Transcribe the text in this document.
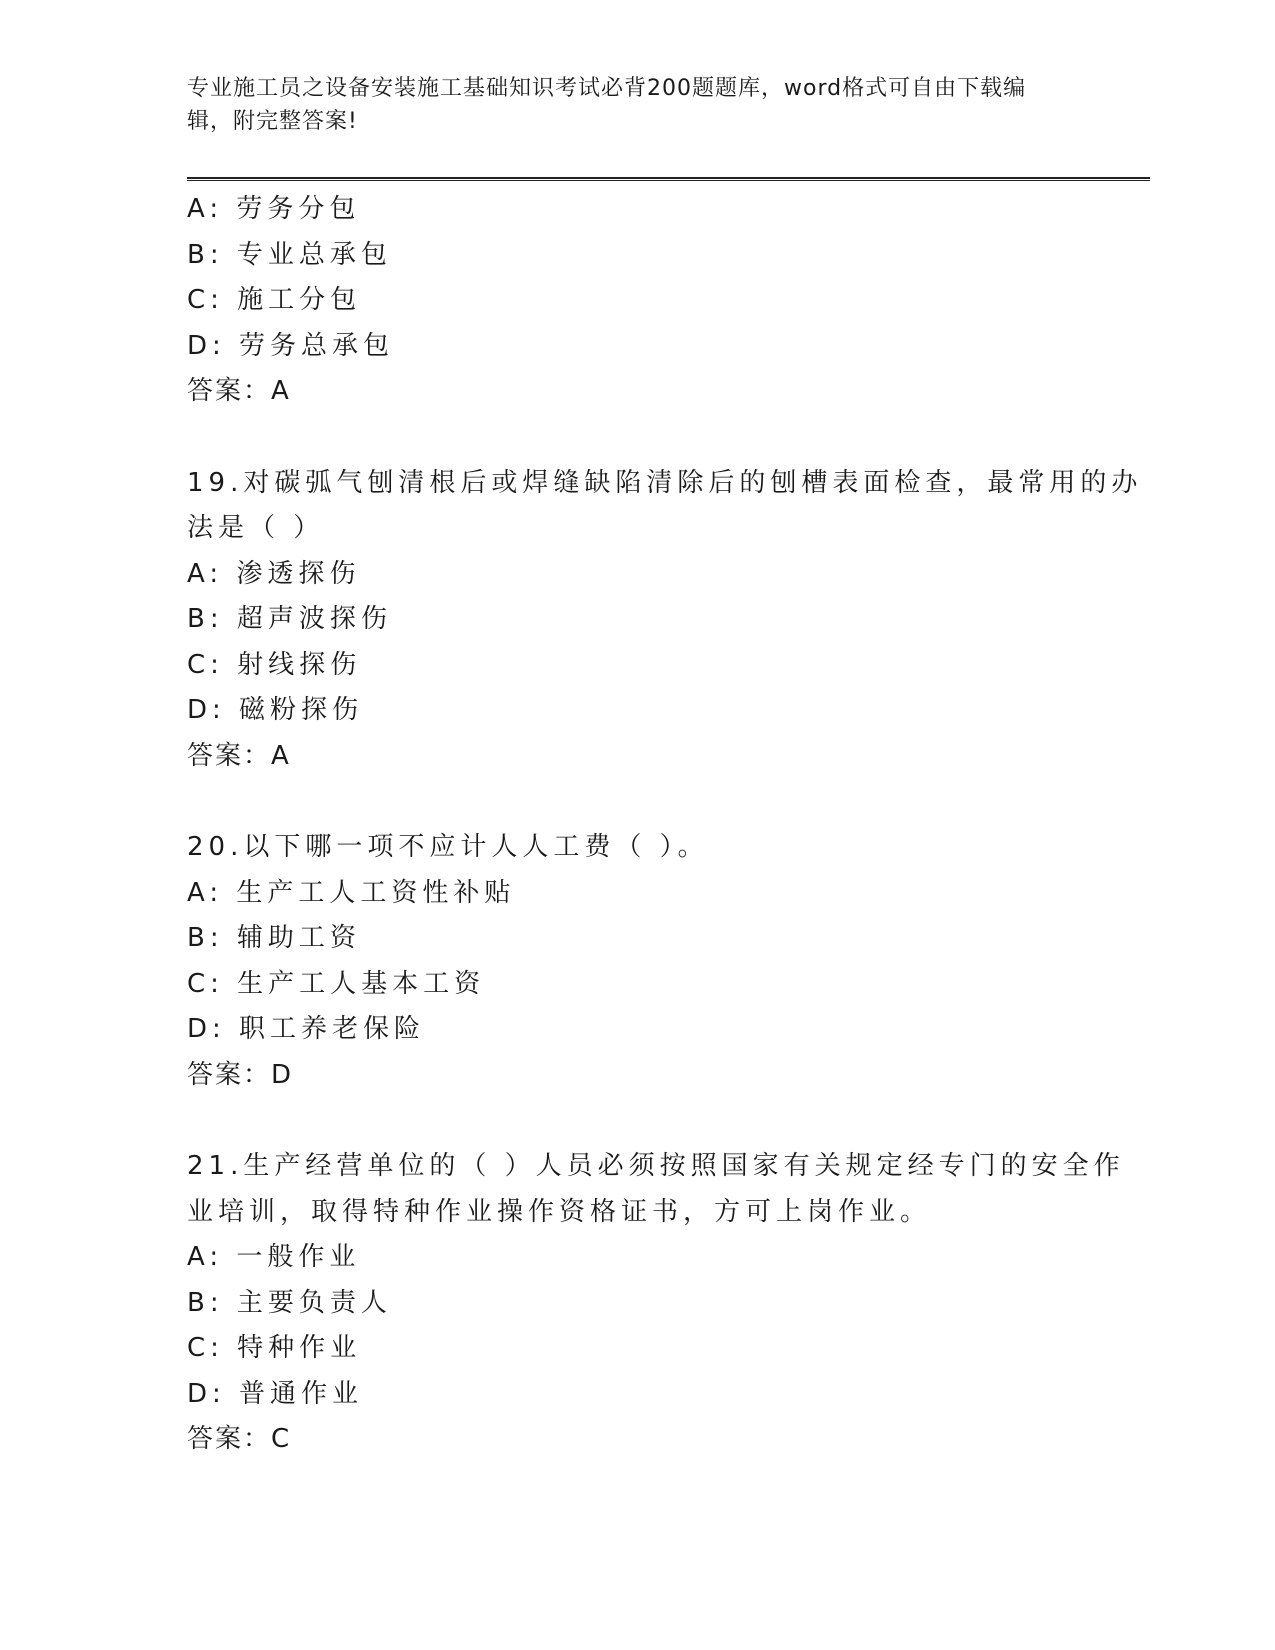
专业施工员之设备安装施工基础知识考试必背200题题库，word格式可自由下载编辑，附完整答案!
A: 劳务分包
B: 专业总承包
C: 施工分包
D: 劳务总承包
答案：A
19.对碳弧气刨清根后或焊缝缺陷清除后的刨槽表面检查，最常用的办
法是（ ）
A: 渗透探伤
B: 超声波探伤
C: 射线探伤
D: 磁粉探伤
答案：A
20.以下哪一项不应计人人工费（ ）。
A: 生产工人工资性补贴
B: 辅助工资
C: 生产工人基本工资
D: 职工养老保险
答案：D
21.生产经营单位的（ ）人员必须按照国家有关规定经专门的安全作
业培训，取得特种作业操作资格证书，方可上岗作业。
A: 一般作业
B: 主要负责人
C: 特种作业
D: 普通作业
答案：C
